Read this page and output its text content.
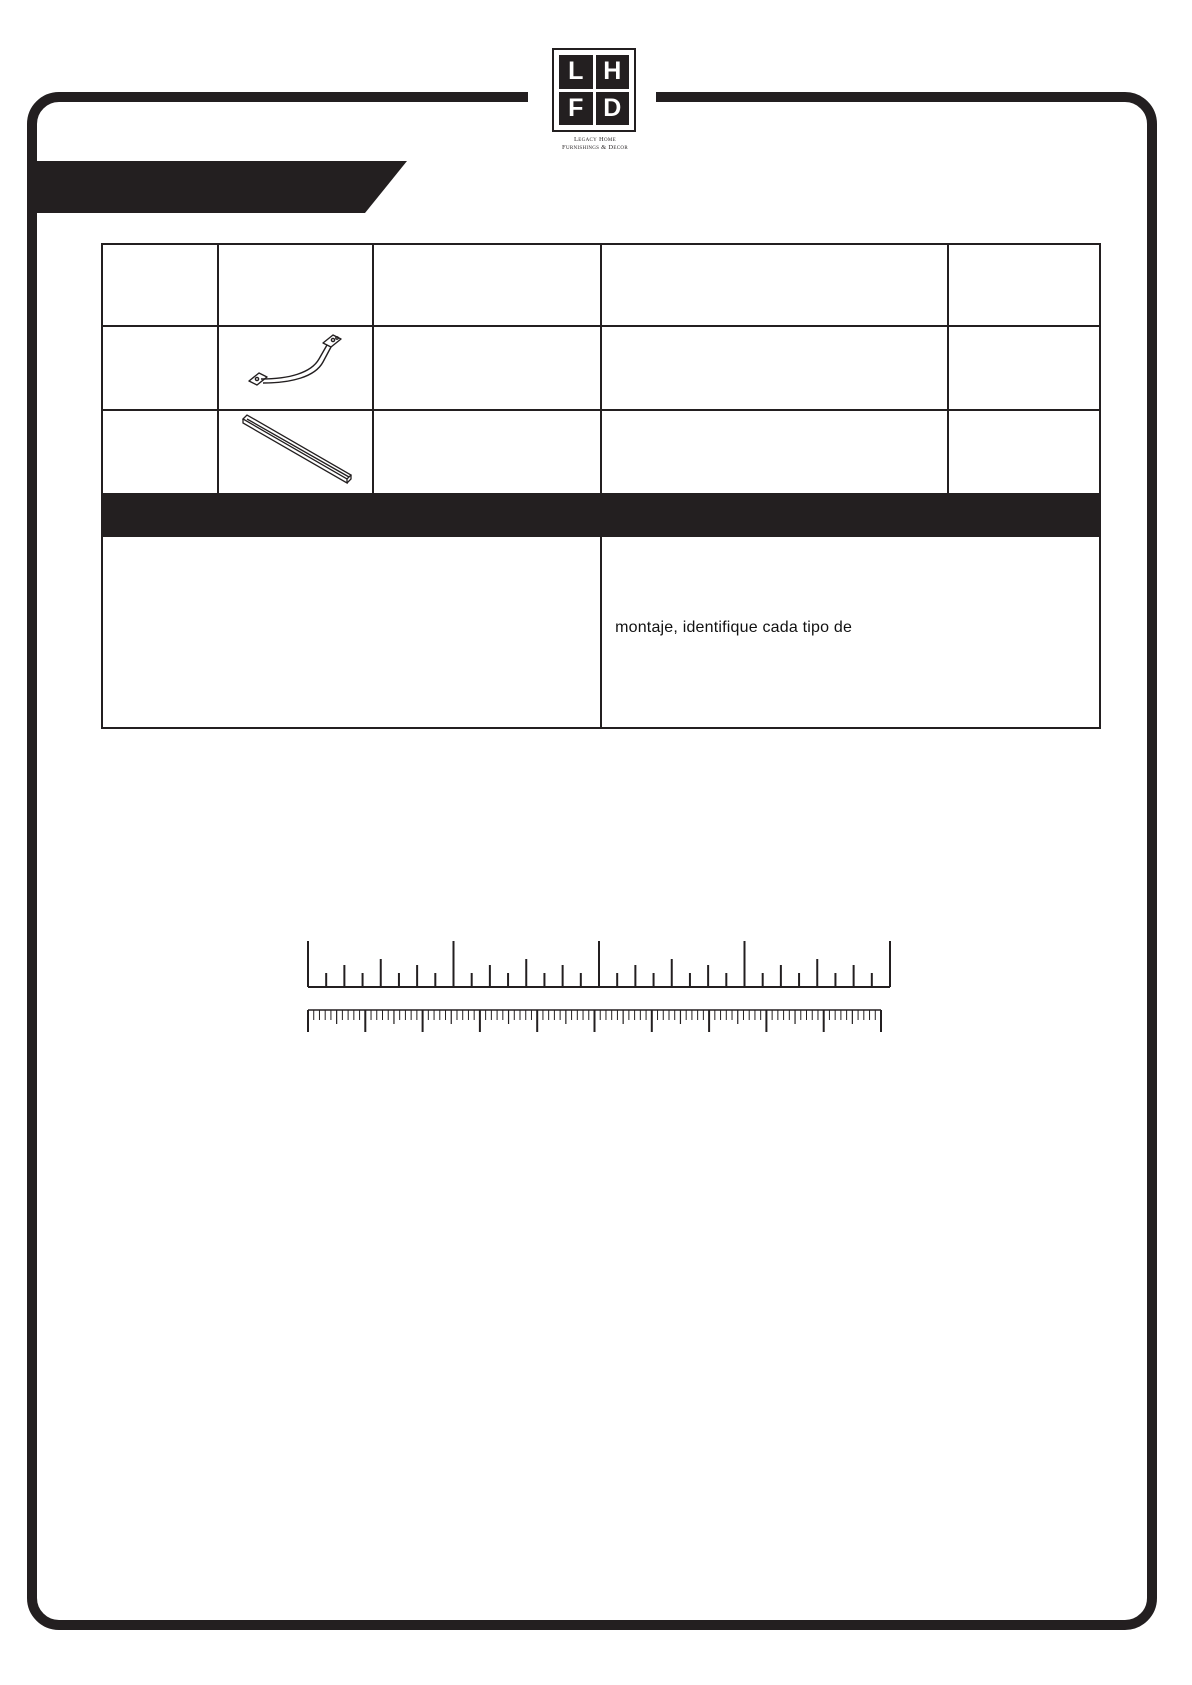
L H
F D
Legacy Home
Furnishings & Decor

			montaje, identifique cada tipo de	
